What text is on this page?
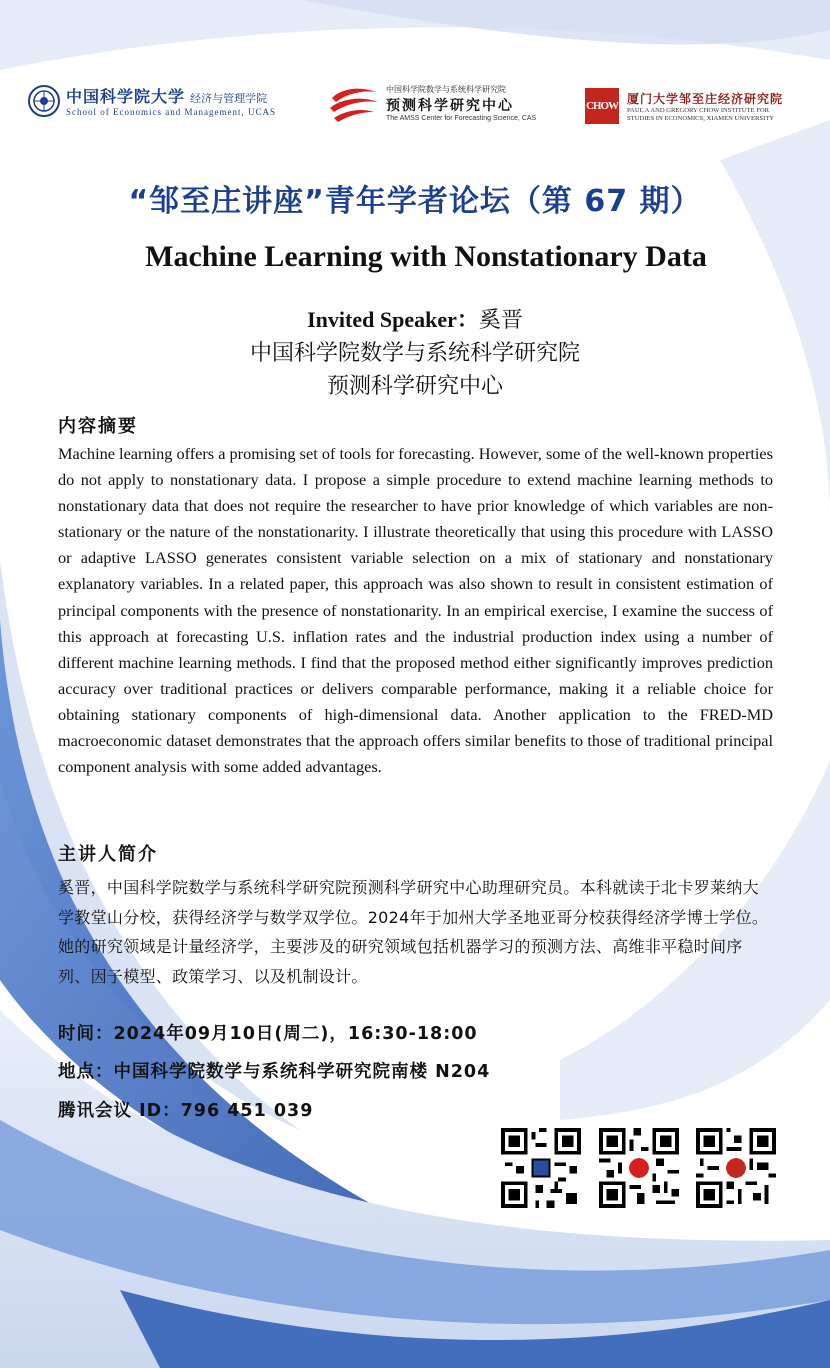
中国科学院大学 经济与管理学院
School of Economics and Management, UCAS
中国科学院数学与系统科学研究院
预测科学研究中心
The AMSS Center for Forecasting Science, CAS
CHOW
厦门大学邹至庄经济研究院
PAUL A AND GREGORY CHOW INSTITUTE FOR
STUDIES IN ECONOMICS, XIAMEN UNIVERSITY
“邹至庄讲座”青年学者论坛（第 67 期）
Machine Learning with Nonstationary Data
Invited Speaker：奚晋
中国科学院数学与系统科学研究院
预测科学研究中心
内容摘要
Machine learning offers a promising set of tools for forecasting. However, some of the well-known properties do not apply to nonstationary data. I propose a simple procedure to extend machine learning methods to nonstationary data that does not require the researcher to have prior knowledge of which variables are non-stationary or the nature of the nonstationarity. I illustrate theoretically that using this procedure with LASSO or adaptive LASSO generates consistent variable selection on a mix of stationary and nonstationary explanatory variables. In a related paper, this approach was also shown to result in consistent estimation of principal components with the presence of nonstationarity. In an empirical exercise, I examine the success of this approach at forecasting U.S. inflation rates and the industrial production index using a number of different machine learning methods. I find that the proposed method either significantly improves prediction accuracy over traditional practices or delivers comparable performance, making it a reliable choice for obtaining stationary components of high-dimensional data. Another application to the FRED-MD macroeconomic dataset demonstrates that the approach offers similar benefits to those of traditional principal component analysis with some added advantages.
主讲人简介
奚晋，中国科学院数学与系统科学研究院预测科学研究中心助理研究员。本科就读于北卡罗莱纳大学教堂山分校，获得经济学与数学双学位。2024年于加州大学圣地亚哥分校获得经济学博士学位。她的研究领域是计量经济学，主要涉及的研究领域包括机器学习的预测方法、高维非平稳时间序列、因子模型、政策学习、以及机制设计。
时间：2024年09月10日(周二)，16:30-18:00
地点：中国科学院数学与系统科学研究院南楼 N204
腾讯会议 ID：796 451 039
